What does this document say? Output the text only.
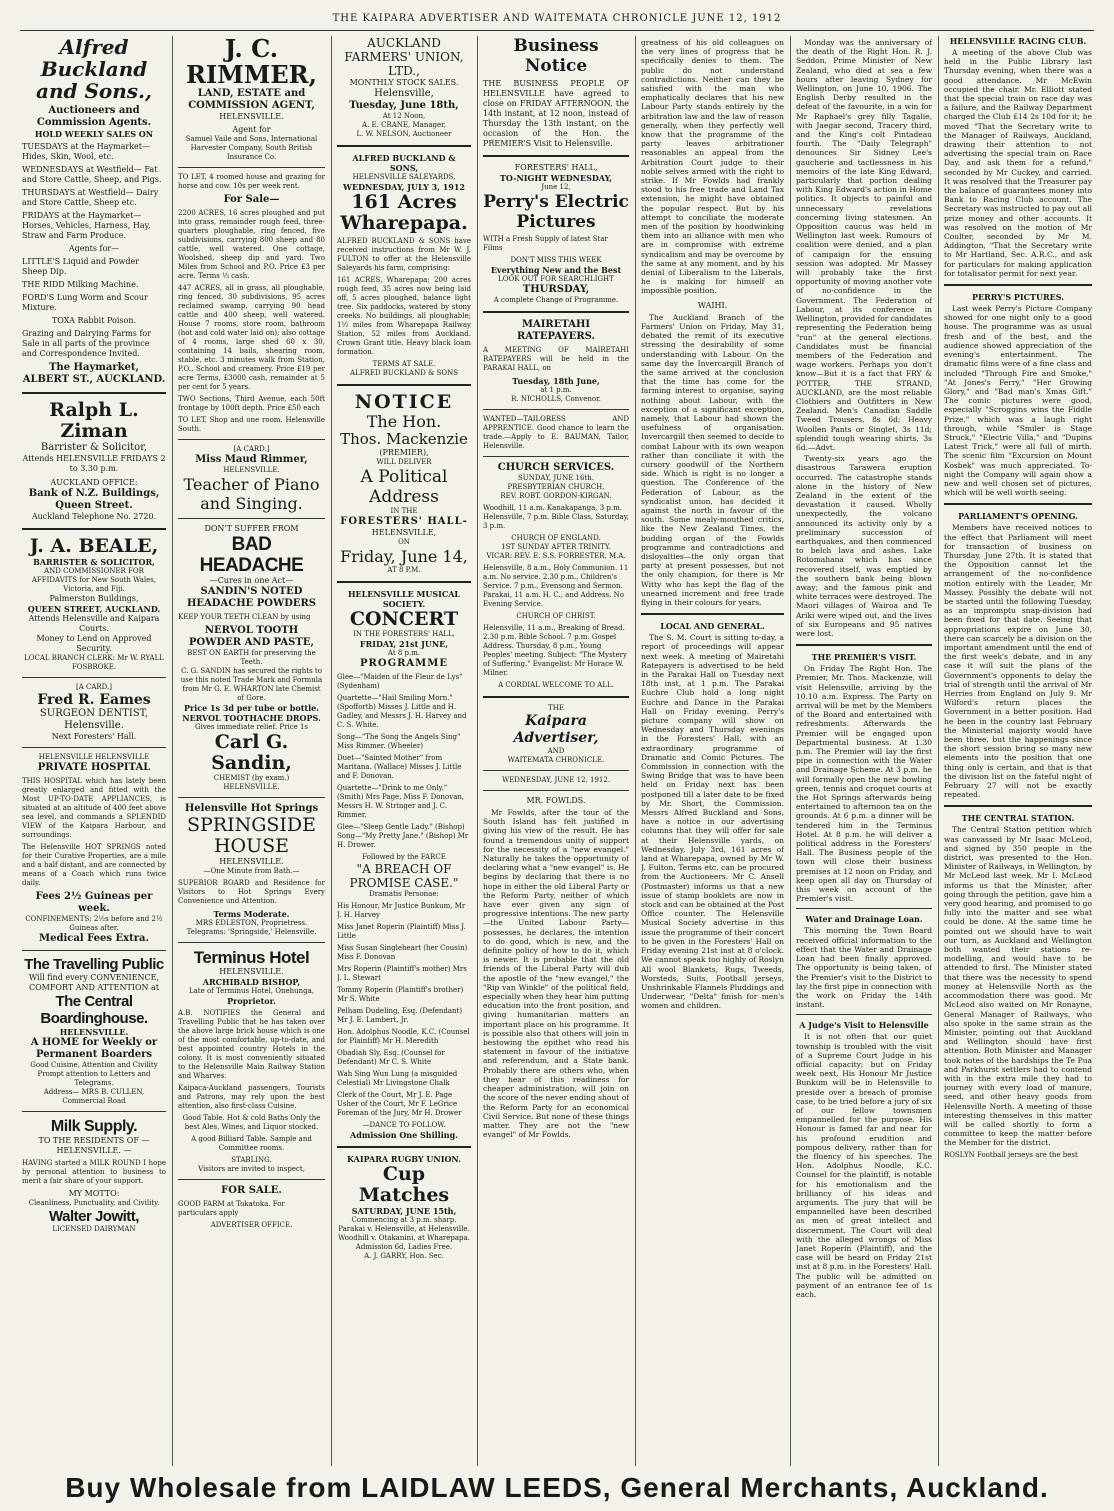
THE KAIPARA ADVERTISER AND WAITEMATA CHRONICLE JUNE 12, 1912
Alfred Buckland and Sons.,
Auctioneers and Commission Agents.
HOLD WEEKLY SALES ON

TUESDAYS at the Haymarket—Hides, Skin, Wool, etc.

WEDNESDAYS at Westfield— Fat and Store Cattle, Sheep, and Pigs.

THURSDAYS at Westfield— Dairy and Store Cattle, Sheep etc.

FRIDAYS at the Haymarket—Horses, Vehicles, Harness, Hay, Straw and Farm Produce.

Agents for—

LITTLE'S Liquid and Powder Sheep Dip.

THE RIDD Milking Machine.

FORD'S Lung Worm and Scour Mixture.

TOXA Rabbit Poison.

Grazing and Dairying Farms for Sale in all parts of the province and Correspondence Invited.

The Haymarket,
ALBERT ST., AUCKLAND.
Ralph L. Ziman
Barrister & Solicitor,
Attends HELENSVILLE FRIDAYS 2 to 3.30 p.m.
AUCKLAND OFFICE:
Bank of N.Z. Buildings, Queen Street.
Auckland Telephone No. 2720.
J. A. BEALE,
BARRISTER & SOLICITOR,
AND COMMISSIONER FOR AFFIDAVITS for New South Wales, Victoria, and Fiji.
Palmerston Buildings,
QUEEN STREET, AUCKLAND.
Attends Helensville and Kaipara Courts.
Money to Lend on Approved Security.
LOCAL BRANCH CLERK: Mr W. RYALL FOSBROKE.
[A CARD.]
Fred R. Eames
SURGEON DENTIST,
Helensville.
Next Foresters' Hall.
HELENSVILLE HELENSVILLE
PRIVATE HOSPITAL

THIS HOSPITAL which has lately been greatly enlarged and fitted with the Most UP-TO-DATE APPLIANCES, is situated at an altitude of 400 feet above sea level, and commands a SPLENDID VIEW of the Kaipara Harbour, and surroundings.

The Helensville HOT SPRINGS noted for their Curative Properties, are a mile and a half distant, and are connected by means of a Coach which runs twice daily.

Fees 2½ Guineas per week.
CONFINEMENTS: 2½s before and 2½ Guineas after.
Medical Fees Extra.
The Travelling Public
Will find every CONVENIENCE, COMFORT AND ATTENTION at
The Central Boardinghouse.
HELENSVILLE.
A HOME for Weekly or Permanent Boarders
Good Cuisine, Attention and Civility Prompt attention to Letters and Telegrams.
Address— MRS B. CULLEN, Commercial Road
Milk Supply.
TO THE RESIDENTS OF — HELENSVILLE. —

HAVING started a MILK ROUND I hope by personal attention to business to merit a fair share of your support.

MY MOTTO:
Cleanliness, Punctuality, and Civility.
Walter Jowitt,
LICENSED DAIRYMAN
J. C. RIMMER,
LAND, ESTATE and COMMISSION AGENT,
HELENSVILLE.
Agent for
Samuel Vaile and Sons, International Harvester Company, South British Insurance Co.

TO LET, 4 roomed house and grazing for horse and cow. 10s per week rent.

For Sale—

2200 ACRES, 16 acres ploughed and put into grass, remainder rough feed, three-quarters ploughable, ring fenced, five subdivisions, carrying 800 sheep and 80 cattle, well watered. One cottage, Woolshed, sheep dip and yard. Two Miles from School and P.O. Price £3 per acre. Terms ⅓ cash.

447 ACRES, all in grass, all ploughable, ring fenced, 30 subdivisions, 95 acres reclaimed swamp, carrying 90 head cattle and 400 sheep, well watered. House 7 rooms, store room, bathroom (hot and cold water laid on); also cottage of 4 rooms, large shed 60 x 30, containing 14 bails, shearing room, stable, etc. 3 minutes walk from Station, P.O., School and creamery. Price £19 per acre Terms, £3000 cash, remainder at 5 per cent for 5 years.

TWO Sections, Third Avenue, each 50ft frontage by 100ft depth. Price £50 each

TO LET, Shop and one room. Helensville South.

[A CARD.]
Miss Maud Rimmer,
HELENSVILLE.
Teacher of Piano and Singing.
DON'T SUFFER FROM
BAD HEADACHE
—Cures in one Act—
SANDIN'S NOTED HEADACHE POWDERS

KEEP YOUR TEETH CLEAN by using

NERVOL TOOTH POWDER AND PASTE,
BEST ON EARTH for preserving the Teeth.
C. G. SANDIN has secured the rights to use this noted Trade Mark and Formula from Mr G. E. WHARTON late Chemist of Gore.
Price 1s 3d per tube or bottle.
NERVOL TOOTHACHE DROPS.
Gives immediate relief. Price 1s
Carl G. Sandin,
CHEMIST (by exam.)
HELENSVILLE.
Helensville Hot Springs
SPRINGSIDE HOUSE
HELENSVILLE.
—One Minute from Bath.—

SUPERIOR BOARD and Residence for Visitors to Hot Springs Every Convenience und Attention.

Terms Moderate.
MRS EDLESTON, Proprietress.
Telegrams: 'Springside,' Helensville.
Terminus Hotel
HELENSVILLE.
ARCHIBALD BISHOP,
Late of Terminus Hotel, Onehunga,
Proprietor.

A.B. NOTIFIES the General and Travelling Public that he has taken over the above large brick house which is one of the most comfortable, up-to-date, and best appointed country Hotels in the colony. It is most conveniently situated to the Helensville Main Railway Station and Wharves.

Kaipaca-Auckland passengers, Tourists and Patrons, may rely upon the best attention, also first-class Cuisine.

Good Table. Hot & cold Baths Only the best Ales, Wines, and Liquor stocked.

A good Billiard Table. Sample and Committee rooms.

STABLING.
Visitors are invited to inspect,
FOR SALE.

GOOD FARM at Tokatoka. For particulars apply

ADVERTISER OFFICE.
AUCKLAND FARMERS' UNION, LTD.,
MONTHLY STOCK SALES.
Helensville,
Tuesday, June 18th,
At 12 Noon,
A. E. CRANE, Manager,
L. W. NELSON, Auctioneer
ALFRED BUCKLAND & SONS,
HELENSVILLE SALEYARDS,
WEDNESDAY, JULY 3, 1912
161 Acres
Wharepapa.

ALFRED BUCKLAND & SONS have received instructions from Mr W. J. FULTON to offer at the Helensville Saleyards his farm, comprising:

161 ACRES, Wharepapa; 200 acres rough feed, 35 acres now being laid off, 5 acres ploughed, balance light tree. Six paddocks, watered by stony creeks. No buildings, all ploughable; 1½ miles from Wharepapa Railway Station, 52 miles from Auckland. Crown Grant title. Heavy black loam formation.

TERMS AT SALE.
ALFRED BUCKLAND & SONS
NOTICE
The Hon.
Thos. Mackenzie
(PREMIER),
WILL DELIVER
A Political Address
IN THE
FORESTERS' HALL-
HELENSVILLE,
ON
Friday, June 14,
AT 8 P.M.
HELENSVILLE MUSICAL SOCIETY.
CONCERT
IN THE FORESTERS' HALL,
FRIDAY, 21st JUNE,
At 8 p.m.
PROGRAMME

Glee—"Maiden of the Fleur de Lys" (Sydenham)

Quartette—"Hail Smiling Morn." (Spofforth) Misses J. Little and H. Gadley, and Messrs J. H. Harvey and C. S. White.

Song—"The Song the Angels Sing" Miss Rimmer. (Wheeler)

Duet—"Sainted Mother" from Maritana. (Wallace) Misses J. Little and F. Donovan.

Quartette—"Drink to me Only." (Smith) Mrs Page, Miss F. Donovan, Messrs H. W. Stringer and J. C. Rimmer.

Glee—"Sleep Gentle Lady." (Bishop) Song—"My Pretty Jane." (Bishop) Mr H. Drower.

Followed by the FARCE
"A BREACH OF PROMISE CASE."
Dramatis Personae:

His Honour, Mr Justice Bunkum, Mr J. H. Harvey

Miss Janet Roperin (Plaintiff) Miss J. Little

Miss Susan Singleheart (her Cousin) Miss F. Donovan

Mrs Roperin (Plaintiff's mother) Mrs J. L. Stewart

Tommy Roperin (Plaintiff's brother) Mr S. White

Pelham Dudeling, Esq. (Defendant) Mr J. E. Lambert, Jr.

Hon. Adolphus Noodle, K.C. (Counsel for Plaintiff) Mr H. Meredith

Obadiah Sly, Esq. (Counsel for Defendant) Mr C. S. White

Wah Sing Wun Lung (a misguided Celestial) Mr Livingstone Chalk

Clerk of the Court, Mr J. E. Page Usher of the Court, Mr F. LeGrice Foreman of the Jury, Mr H. Drower

—DANCE TO FOLLOW.
Admission One Shilling.
KAIPARA RUGBY UNION.
Cup Matches
SATURDAY, JUNE 15th,
Commencing at 3 p.m. sharp.
Parakai v. Helensville, at Helensville.
Woodhill v. Otakanini, at Wharepapa.
Admission 6d, Ladies Free.
A. J. GARRY, Hon. Sec.
Business Notice

THE BUSINESS PEOPLE OF HELENSVILLE have agreed to close on FRIDAY AFTERNOON, the 14th instant, at 12 noon, instead of Thursday the 13th instant, on the occasion of the Hon. the PREMIER'S Visit to Helensville.

FORESTERS' HALL,
TO-NIGHT WEDNESDAY,
June 12,
Perry's Electric Pictures

WITH a Fresh Supply of latest Star Films

DON'T MISS THIS WEEK
Everything New and the Best
LOOK OUT FOR SEARCHLIGHT
THURSDAY,
A complete Change of Programme.
MAIRETAHI RATEPAYERS.

A MEETING OF MAIRETAHI RATEPAYERS will be held in the PARAKAI HALL, on

Tuesday, 18th June,
at 1 p.m.
R. NICHOLLS, Convenor.

WANTED—TAILORESS AND APPRENTICE. Good chance to learn the trade.—Apply to E. BAUMAN, Tailor, Helensville.

CHURCH SERVICES.
SUNDAY, JUNE 16th.
PRESBYTERIAN CHURCH,
REV. ROBT. GORDON-KIRGAN.

Woodhill, 11 a.m. Kanakapanga, 3 p.m. Helensville, 7 p.m. Bible Class, Saturday, 3 p.m.

CHURCH OF ENGLAND.
1ST SUNDAY AFTER TRINITY.
VICAR: REV. E. S.S. FORRESTER, M.A.

Helensville, 8 a.m., Holy Communion. 11 a.m. No service. 2.30 p.m., Children's Service. 7 p.m., Evensong and Sermon. Parakai, 11 a.m. H. C., and Address. No Evening Service.

CHURCH OF CHRIST.

Helensville, 11 a.m., Breaking of Bread. 2.30 p.m. Bible School. 7 p.m. Gospel Address. Thursday, 8 p.m., Young Peoples' meeting. Subject: "The Mystery of Suffering." Evangelist: Mr Horace W. Milner.

A CORDIAL WELCOME TO ALL.
THE
Kaipara Advertiser,
AND
WAITEMATA CHRONICLE.
WEDNESDAY, JUNE 12, 1912.
MR. FOWLDS.

Mr Fowlds, after the tour of the South Island has felt justified in giving his view of the result. He has found a tremendous unity of support for the necessity of a "new evangel." Naturally he takes the opportunity of declaring what a "new evangel" is. He begins by declaring that there is no hope in either the old Liberal Party or the Reform Party, neither of which have ever given any sign of progressive intentions. The new party—the United Labour Party—possesses, he declares, the intention to do good, which is new, and the definite policy of how to do it, which is newer. It is probable that the old friends of the Liberal Party will dub the apostle of the "new evangel," the "Rip van Winkle" of the political field, especially when they hear him putting education into the front position, and giving humanitarian matters an important place on his programme. It is possible also that others will join in bestowing the epithet who read his statement in favour of the initiative and referendum, and a State bank. Probably there are others who, when they hear of this readiness for cheaper administration, will join on the score of the never ending shout of the Reform Party for an economical Civil Service. But none of these things matter. They are not the "new evangel" of Mr Fowlds.

greatness of his old colleagues on the very lines of progress that he specifically denies to them. The public do not understand contradictions. Neither can they be satisfied with the man who emphatically declares that his new Labour Party stands entirely by the arbitration law and the law of reason generally, when they perfectly well know that the programme of the party leaves arbitrationer reasonables an appeal from the Arbitration Court judge to their noble selves armed with the right to strike. If Mr Fowlds had frankly stood to his free trade and Land Tax extension, he might have obtained the popular respect. But by his attempt to conciliate the moderate men of the position by hoodwinking them into an alliance with men who are in compromise with extreme syndicalism and may be overcome by the same at any moment, and by his denial of Liberalism to the Liberals, he is making for himself an impossible position.

WAIHI.

The Auckland Branch of the Farmers' Union on Friday, May 31, debated the remit of its executive stressing the desirability of some understanding with Labour. On the same day the Invercargill Branch of the same arrived at the conclusion that the time has come for the farming interest to organise, saying nothing about Labour, with the exception of a significant exception, namely, that Labour had shown the usefulness of organisation. Invercargill then seemed to decide to combat Labour with its own weapon rather than conciliate it with the cursory goodwill of the Northern side. Which is right is no longer a question. The Conference of the Federation of Labour, as the syndicalist union, has decided it against the north in favour of the south. Some mealy-mouthed critics, like the New Zealand Times, the budding organ of the Fowlds programme and contradictions and disloyalties—the only organ that party at present possesses, but not the only champion, for there is Mr Witty who has kept the flag of the unearned increment and free trade flying in their colours for years.

LOCAL AND GENERAL.

The S. M. Court is sitting to-day, a report of proceedings will appear next week. A meeting of Mairetahi Ratepayers is advertised to be held in the Parakai Hall on Tuesday next 18th inst, at 1 p.m. The Parakai Euchre Club hold a long night Euchre and Dance in the Parakai Hall on Friday evening. Perry's picture company will show on Wednesday and Thursday evenings in the Foresters' Hall, with an extraordinary programme of Dramatic and Comic Pictures. The Commission in connection with the Swing Bridge that was to have been held on Friday next has been postponed till a later date to be fixed by Mr. Short, the Commission. Messrs Alfred Buckland and Sons, have a notice in our advertising columns that they will offer for sale at their Helensville yards, on Wednesday, July 3rd, 161 acres of land at Wharepapa, owned by Mr W. J. Fulton. Terms etc. can be procured from the Auctioneers. Mr C. Ansell (Postmaster) informs us that a new issue of stamp booklets are now in stock and can be obtained at the Post Office counter. The Helensville Musical Society advertise in this issue the programme of their concert to be given in the Foresters' Hall on Friday evening 21st inst at 8 o'clock. We cannot speak too highly of Roslyn All wool Blankets, Rugs, Tweeds, Worsteds, Suits, Football jerseys, Unshrinkable Flannels Pluddings and Underwear, "Delta" finish for men's women and children.

Monday was the anniversary of the death of the Right Hon. R. J. Seddon, Prime Minister of New Zealand, who died at sea a few hours after leaving Sydney for Wellington, on June 10, 1906. The English Derby resulted in the defeat of the favourite, in a win for Mr Raphael's grey filly Tagalie, with Jaegar second, Tracery third, and the King's colt Pintadeau fourth. The "Daily Telegraph" denounces Sir Sidney Lee's gaucherie and tactlessness in his memoirs of the late King Edward, particularly that portion dealing with King Edward's action in Home politics. It objects to painful and unnecessary revelations concerning living statesmen. An Opposition caucus was held in Wellington last week. Rumours of coalition were denied, and a plan of campaign for the ensuing session was adopted. Mr Massey will probably take the first opportunity of moving another vote of no-confidence in the Government. The Federation of Labour, at its conference in Wellington, provided for candidates representing the Federation being "run" at the general elections. Candidates must be financial members of the Federation and wage workers. Perhaps you don't know—But it is a fact that FRY & POTTER, THE STRAND, AUCKLAND, are the most reliable Clothiers and Outfitters in New Zealand. Men's Canadian Saddle Tweed Trousers, 8s 6d; Heavy Woollen Pants or Singlet, 3s 11d; splendid tough wearing shirts, 3s 6d.—Advt.

Twenty-six years ago the disastrous Tarawera eruption occurred. The catastrophe stands alone in the history of New Zealand in the extent of the devastation it caused. Wholly unexpectedly, the volcano announced its activity only by a preliminary succession of earthquakes, and then commenced to belch lava and ashes. Lake Rotomahana which has since recovered itself, was emptied by the southern bank being blown away; and the famous pink and white terraces were destroyed. The Maori villages of Wairoa and Te Ariki were wiped out, and the lives of six Europeans and 95 natives were lost.

THE PREMIER'S VISIT.

On Friday The Right Hon. The Premier, Mr. Thos. Mackenzie, will visit Helensville, arriving by the 10.10 a.m. Express. The Party on arrival will be met by the Members of the Board and entertained with refreshments. Afterwards the Premier will be engaged upon Departmental business. At 1.30 p.m. The Premier will lay the first pipe in connection with the Water and Drainage Scheme. At 3 p.m. he will formally open the new bowling green, tennis and croquet courts at the Hot Springs afterwards being entertained to afternoon tea on the grounds. At 6 p.m. a dinner will be tendered him in the Terminus Hotel. At 8 p.m. he will deliver a political address in the Foresters' Hall. The Business people of the town will close their business premises at 12 noon on Friday, and keep open all day on Thursday of this week on account of the Premier's visit.

Water and Drainage Loan.

This morning the Town Board received official information to the effect that the Water and Drainage Loan had been finally approved. The opportunity is being taken, of the Premier's visit to the District to lay the first pipe in connection with the work on Friday the 14th instant.

A Judge's Visit to Helensville

It is not often that our quiet township is troubled with the visit of a Supreme Court Judge in his official capacity; but on Friday week next, His Honour Mr Justice Bunkum will be in Helensville to preside over a breach of promise case, to be tried before a jury of six of our fellow townsmen empannelled for the purpose. His Honour is famed far and near for his profound erudition and pompous delivery, rather than for the fluency of his speeches. The Hon. Adolphus Noodle, K.C. Counsel for the plaintiff, is notable for his emotionalism and the brilliancy of his ideas and arguments. The jury that will be empannelled have been described as men of great intellect and discernment. The Court will deal with the alleged wrongs of Miss Janet Roperin (Plaintiff), and the case will be heard on Friday 21st inst at 8 p.m. in the Foresters' Hall. The public will be admitted on payment of an entrance fee of 1s each.

HELENSVILLE RACING CLUB.

A meeting of the above Club was held in the Public Library last Thursday evening, when there was a good attendance. Mr McEwin occupied the chair. Mr. Elliott stated that the special train on race day was a failure, and the Railway Department charged the Club £14 2s 10d for it; he moved "That the Secretary write to the Manager of Railways, Auckland, drawing their attention to not advertising the special train on Race Day, and ask them for a refund," seconded by Mr Cuckey, and carried. It was resolved that the Treasurer pay the balance of guarantees money into Bank to Racing Club account. The Secretary was instructed to pay out all prize money and other accounts. It was resolved on the motion of Mr Coulter, seconded by Mr M. Addington, "That the Secretary write to Mr Hartland, Sec. A.R.C., and ask for particulars for making application for totalisator permit for next year.

PERRY'S PICTURES.

Last week Perry's Picture Company showed for one night only to a good house. The programme was as usual fresh and of the best, and the audience showed appreciation of the evening's entertainment. The dramatic films were of a fine class and included "Through Fire and Smoke," "At Jones's Ferry," "Her Growing Glory," and "Bad man's Xmas Gift." The comic pictures were good, especially "Scroggins wins the Fiddle Prize," which was a laugh right through, while "Smiler is Stage Struck," "Electric Villa," and "Dupins Latest Trick," were all full of mirth. The scenic film "Excursion on Mount Kosbek" was much appreciated. To-night the Company will again show a new and well chosen set of pictures, which will be well worth seeing.

PARLIAMENT'S OPENING.

Members have received notices to the effect that Parliament will meet for transaction of business on Thursday, June 27th. It is stated that the Opposition cannot let the arrangement of the no-confidence motion entirely with the Leader, Mr Massey. Possibly the debate will not be started until the following Tuesday, as an impromptu snap-division had been fixed for that date. Seeing that appropriations expire on June 30, there can scarcely be a division on the important amendment until the end of the first week's debate, and in any case it will suit the plans of the Government's opponents to delay the trial of strength until the arrival of Mr Herries from England on July 9. Mr Wilford's return places the Government in a better position. Had he been in the country last February the Ministerial majority would have been three, but the happenings since the short session bring so many new elements into the position that one thing only is certain, and that is that the division list on the fateful night of February 27 will not be exactly repeated.

THE CENTRAL STATION.

The Central Station petition which was canvassed by Mr Isaac McLeod, and signed by 350 people in the district, was presented to the Hon. Minister of Railways, in Wellington, by Mr McLeod last week. Mr I. McLeod informs us that the Minister, after going through the petition, gave him a very good hearing, and promised to go fully into the matter and see what could be done. At the same time he pointed out we should have to wait our turn, as Auckland and Wellington both wanted their stations re-modelling, and would have to be attended to first. The Minister stated that there was the necessity to spend money at Helensville North as the accommodation there was good. Mr McLeod also waited on Mr Ronayne, General Manager of Railways, who also spoke in the same strain as the Minister, pointing out that Auckland and Wellington should have first attention. Both Minister and Manager took notes of the hardships the Te Pua and Parkhurst settlers had to contend with in the extra mile they had to journey with every load of manure, seed, and other heavy goods from Helensville North. A meeting of those interesting themselves in this matter will be called shortly to form a committee to keep the matter before the Member for the district.

ROSLYN Football jerseys are the best
Buy Wholesale from LAIDLAW LEEDS, General Merchants, Auckland.
